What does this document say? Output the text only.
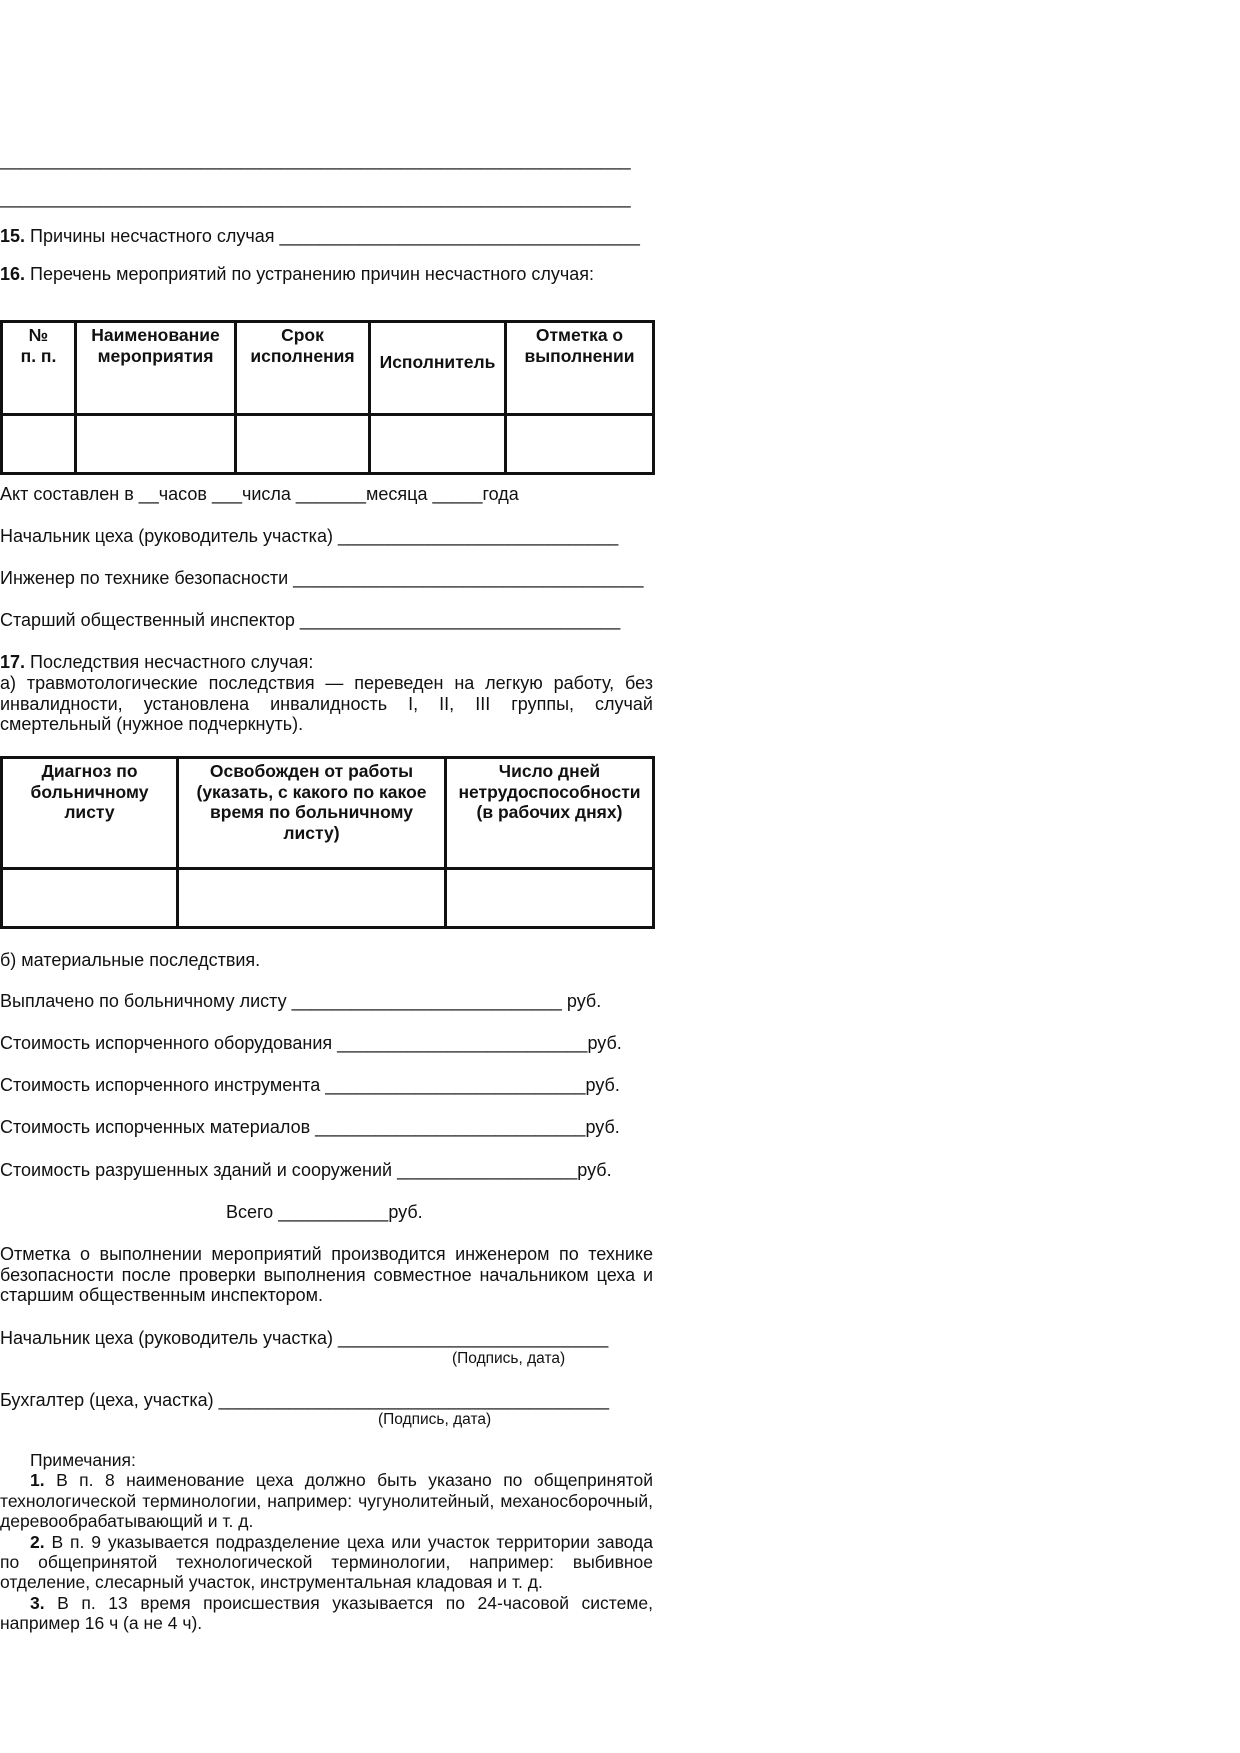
_______________________________________________________________
_______________________________________________________________
15. Причины несчастного случая ____________________________________
16. Перечень мероприятий по устранению причин несчастного случая:
№
п. п.	Наименование мероприятия	Срок исполнения	Исполнитель	Отметка о выполнении

Акт составлен в __часов ___числа _______месяца _____года
Начальник цеха (руководитель участка) ____________________________
Инженер по технике безопасности ___________________________________
Старший общественный инспектор ________________________________
17. Последствия несчастного случая:
а) травмотологические последствия — переведен на легкую работу, без инвалидности, установлена инвалидность I, II, III группы, случай смертельный (нужное подчеркнуть).
Диагноз по больничному листу	Освобожден от работы (указать, с какого по какое время по больничному листу)	Число дней нетрудоспособности (в рабочих днях)

б) материальные последствия.
Выплачено по больничному листу ___________________________ руб.
Стоимость испорченного оборудования _________________________руб.
Стоимость испорченного инструмента __________________________руб.
Стоимость испорченных материалов ___________________________руб.
Стоимость разрушенных зданий и сооружений __________________руб.
Всего ___________руб.
Отметка о выполнении мероприятий производится инженером по технике безопасности после проверки выполнения совместное начальником цеха и старшим общественным инспектором.
Начальник цеха (руководитель участка) ___________________________
(Подпись, дата)
Бухгалтер (цеха, участка) _______________________________________
(Подпись, дата)

Примечания:

1. В п. 8 наименование цеха должно быть указано по общепринятой технологической терминологии, например: чугунолитейный, механосборочный, деревообрабатывающий и т. д.

2. В п. 9 указывается подразделение цеха или участок территории завода по общепринятой технологической терминологии, например: выбивное отделение, слесарный участок, инструментальная кладовая и т. д.

3. В п. 13 время происшествия указывается по 24-часовой системе, например 16 ч (а не 4 ч).
